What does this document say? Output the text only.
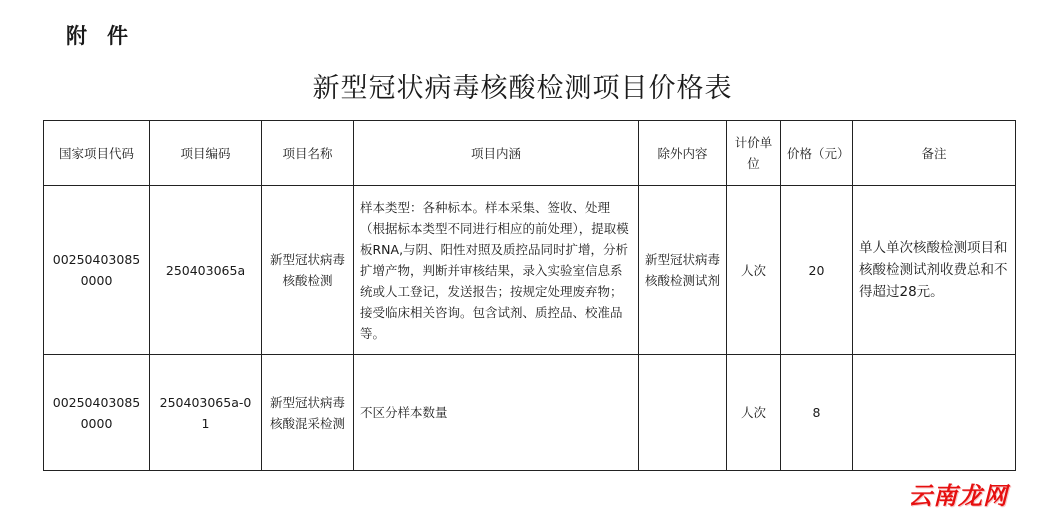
附件
新型冠状病毒核酸检测项目价格表
国家项目代码	项目编码	项目名称	项目内涵	除外内容	计价单位	价格（元）	备注
002504030850000	250403065a	新型冠状病毒核酸检测	样本类型：各种标本。样本采集、签收、处理（根据标本类型不同进行相应的前处理），提取模板RNA,与阴、阳性对照及质控品同时扩增，分析扩增产物，判断并审核结果，录入实验室信息系统或人工登记，发送报告；按规定处理废弃物；接受临床相关咨询。包含试剂、质控品、校准品等。	新型冠状病毒核酸检测试剂	人次	20	单人单次核酸检测项目和核酸检测试剂收费总和不得超过28元。
002504030850000	250403065a-01	新型冠状病毒核酸混采检测	不区分样本数量		人次	8	
云南龙网
